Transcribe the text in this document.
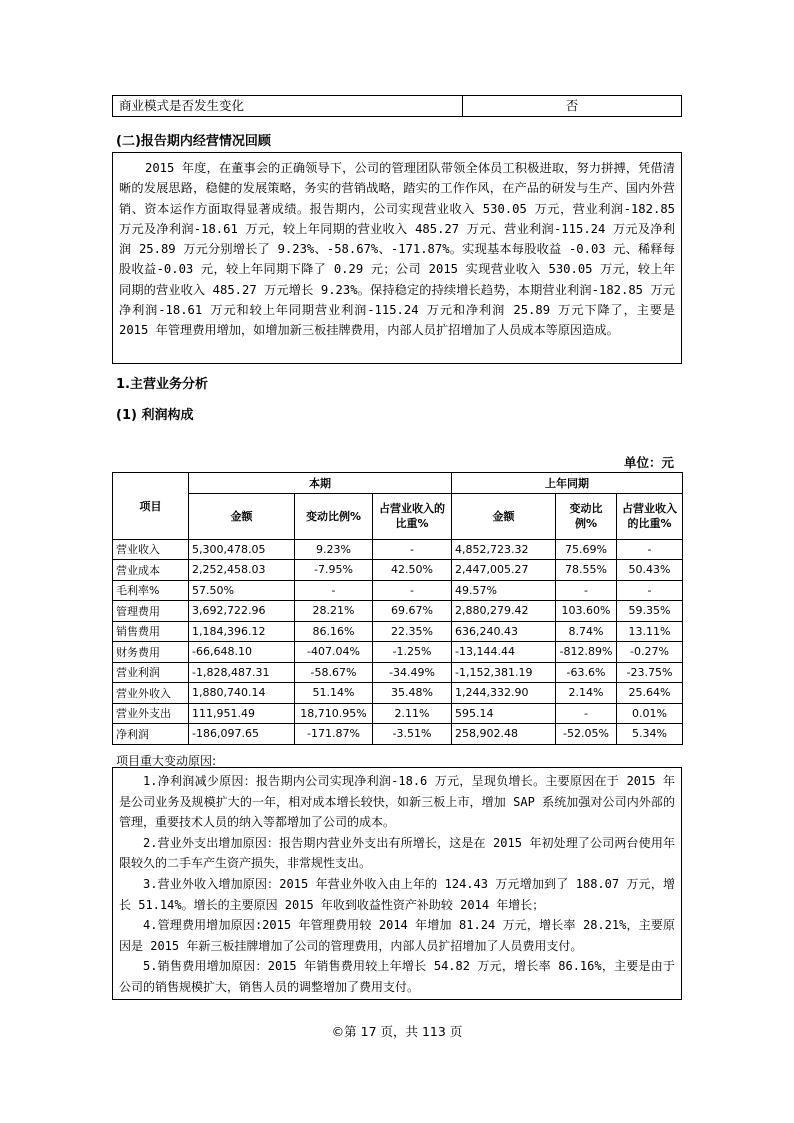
商业模式是否发生变化	否
(二)报告期内经营情况回顾

2015 年度，在董事会的正确领导下，公司的管理团队带领全体员工积极进取，努力拼搏，凭借清晰的发展思路，稳健的发展策略，务实的营销战略，踏实的工作作风，在产品的研发与生产、国内外营销、资本运作方面取得显著成绩。报告期内，公司实现营业收入 530.05 万元，营业利润-182.85 万元及净利润-18.61 万元，较上年同期的营业收入 485.27 万元、营业利润-115.24 万元及净利润 25.89 万元分别增长了 9.23%、-58.67%、-171.87%。实现基本每股收益 -0.03 元、稀释每股收益-0.03 元，较上年同期下降了 0.29 元；公司 2015 实现营业收入 530.05 万元，较上年同期的营业收入 485.27 万元增长 9.23%。保持稳定的持续增长趋势，本期营业利润-182.85 万元净利润-18.61 万元和较上年同期营业利润-115.24 万元和净利润 25.89 万元下降了，主要是 2015 年管理费用增加，如增加新三板挂牌费用，内部人员扩招增加了人员成本等原因造成。

1.主营业务分析
(1) 利润构成
单位：元
项目	本期			上年同期		
	金额	变动比例%	占营业收入的比重%	金额	变动比例%	占营业收入的比重%
营业收入	5,300,478.05	9.23%	-	4,852,723.32	75.69%	-
营业成本	2,252,458.03	-7.95%	42.50%	2,447,005.27	78.55%	50.43%
毛利率%	57.50%	-	-	49.57%	-	-
管理费用	3,692,722.96	28.21%	69.67%	2,880,279.42	103.60%	59.35%
销售费用	1,184,396.12	86.16%	22.35%	636,240.43	8.74%	13.11%
财务费用	-66,648.10	-407.04%	-1.25%	-13,144.44	-812.89%	-0.27%
营业利润	-1,828,487.31	-58.67%	-34.49%	-1,152,381.19	-63.6%	-23.75%
营业外收入	1,880,740.14	51.14%	35.48%	1,244,332.90	2.14%	25.64%
营业外支出	111,951.49	18,710.95%	2.11%	595.14	-	0.01%
净利润	-186,097.65	-171.87%	-3.51%	258,902.48	-52.05%	5.34%
项目重大变动原因:

1.净利润减少原因：报告期内公司实现净利润-18.6 万元，呈现负增长。主要原因在于 2015 年是公司业务及规模扩大的一年，相对成本增长较快，如新三板上市，增加 SAP 系统加强对公司内外部的管理，重要技术人员的纳入等都增加了公司的成本。

2.营业外支出增加原因：报告期内营业外支出有所增长，这是在 2015 年初处理了公司两台使用年限较久的二手车产生资产损失，非常规性支出。

3.营业外收入增加原因：2015 年营业外收入由上年的 124.43 万元增加到了 188.07 万元，增长 51.14%。增长的主要原因 2015 年收到收益性资产补助较 2014 年增长；

4.管理费用增加原因:2015 年管理费用较 2014 年增加 81.24 万元，增长率 28.21%，主要原因是 2015 年新三板挂牌增加了公司的管理费用，内部人员扩招增加了人员费用支付。

5.销售费用增加原因：2015 年销售费用较上年增长 54.82 万元，增长率 86.16%，主要是由于公司的销售规模扩大，销售人员的调整增加了费用支付。

©第 17 页，共 113 页
